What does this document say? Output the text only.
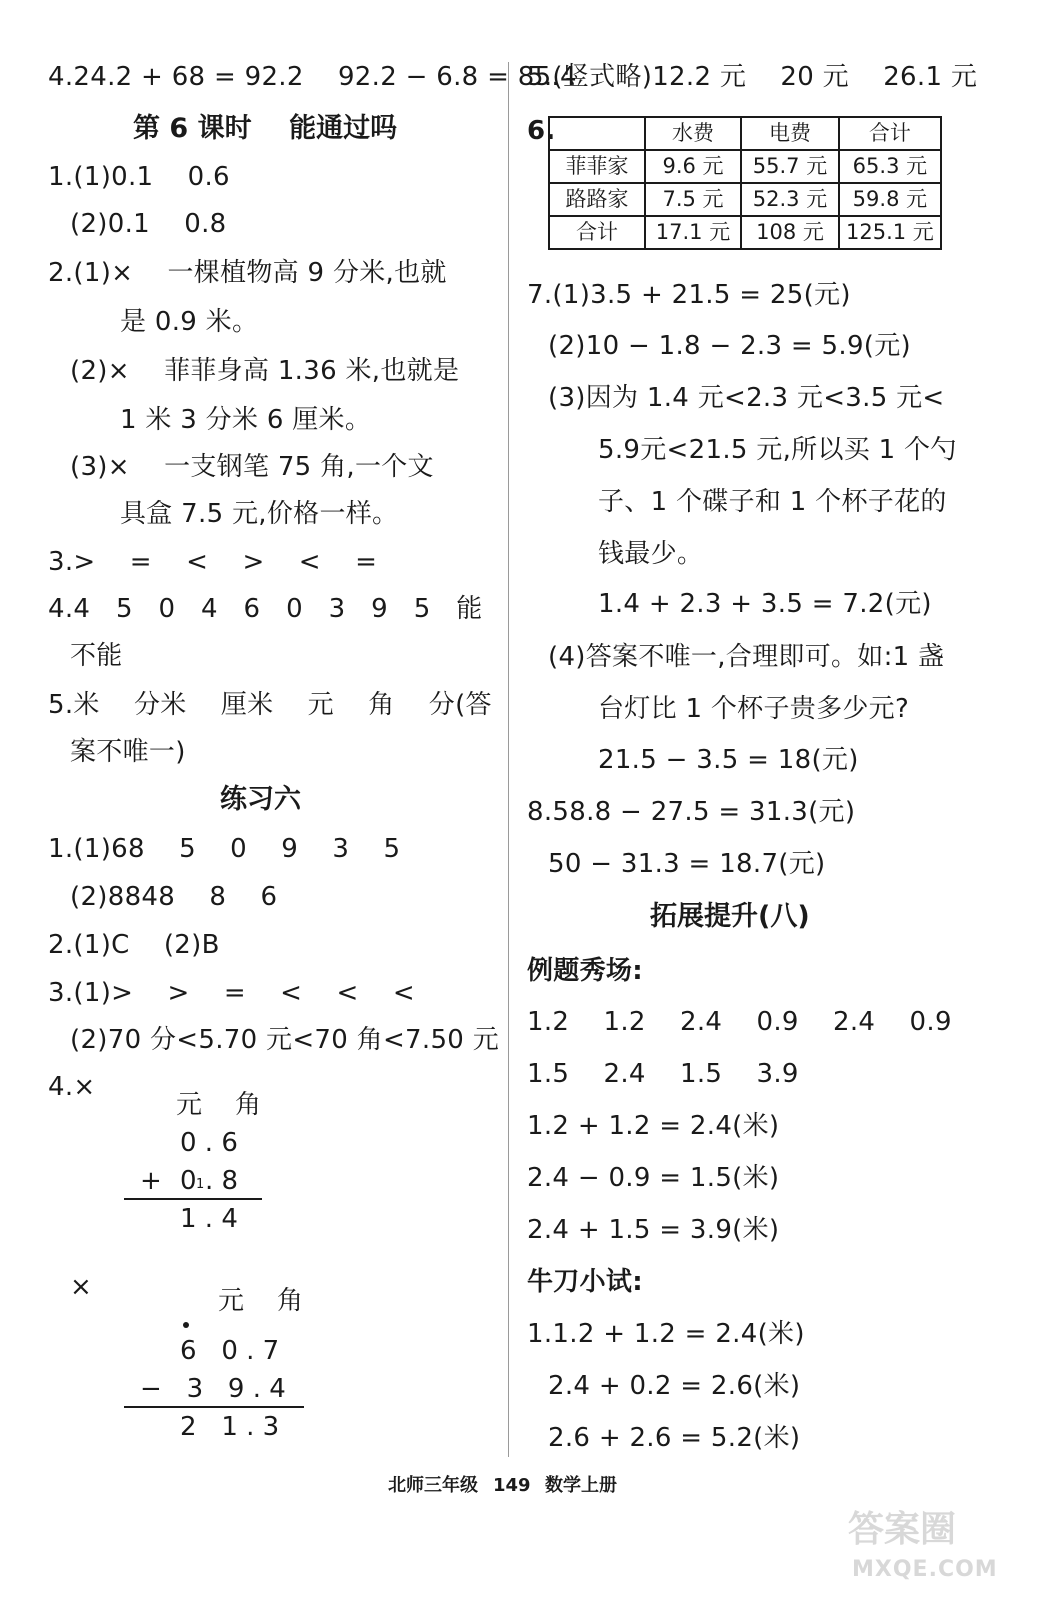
4.24.2 + 68 = 92.2    92.2 − 6.8 = 85.4
第 6 课时    能通过吗
1.(1)0.1    0.6
(2)0.1    0.8
2.(1)×    一棵植物高 9 分米,也就
是 0.9 米。
(2)×    菲菲身高 1.36 米,也就是
1 米 3 分米 6 厘米。
(3)×    一支钢笔 75 角,一个文
具盒 7.5 元,价格一样。
3.>    =    <    >    <    =
4.4   5   0   4   6   0   3   9   5   能
不能
5.米    分米    厘米    元    角    分(答
案不唯一)
练习六
1.(1)68    5    0    9    3    5
(2)8848    8    6
2.(1)C    (2)B
3.(1)>    >    =    <    <    <
(2)70 分<5.70 元<70 角<7.50 元
4.×
元    角
0 . 6
+ 0 1 . 8
1 . 4
×	元    角
6   0 . 7
−   3   9 . 4
2   1 . 3
5.(竖式略)12.2 元    20 元    26.1 元
6.
		水费	电费	合计
菲菲家	9.6 元	55.7 元	65.3 元
路路家	7.5 元	52.3 元	59.8 元
合计	17.1 元	108 元	125.1 元
7.(1)3.5 + 21.5 = 25(元)
(2)10 − 1.8 − 2.3 = 5.9(元)
(3)因为 1.4 元<2.3 元<3.5 元<
5.9元<21.5 元,所以买 1 个勺
子、1 个碟子和 1 个杯子花的
钱最少。
1.4 + 2.3 + 3.5 = 7.2(元)
(4)答案不唯一,合理即可。如:1 盏
台灯比 1 个杯子贵多少元?
21.5 − 3.5 = 18(元)
8.58.8 − 27.5 = 31.3(元)
50 − 31.3 = 18.7(元)
拓展提升(八)
例题秀场:
1.2    1.2    2.4    0.9    2.4    0.9
1.5    2.4    1.5    3.9
1.2 + 1.2 = 2.4(米)
2.4 − 0.9 = 1.5(米)
2.4 + 1.5 = 3.9(米)
牛刀小试:
1.1.2 + 1.2 = 2.4(米)
2.4 + 0.2 = 2.6(米)
2.6 + 2.6 = 5.2(米)
北师三年级 149 数学上册
答案圈
MXQE.COM
